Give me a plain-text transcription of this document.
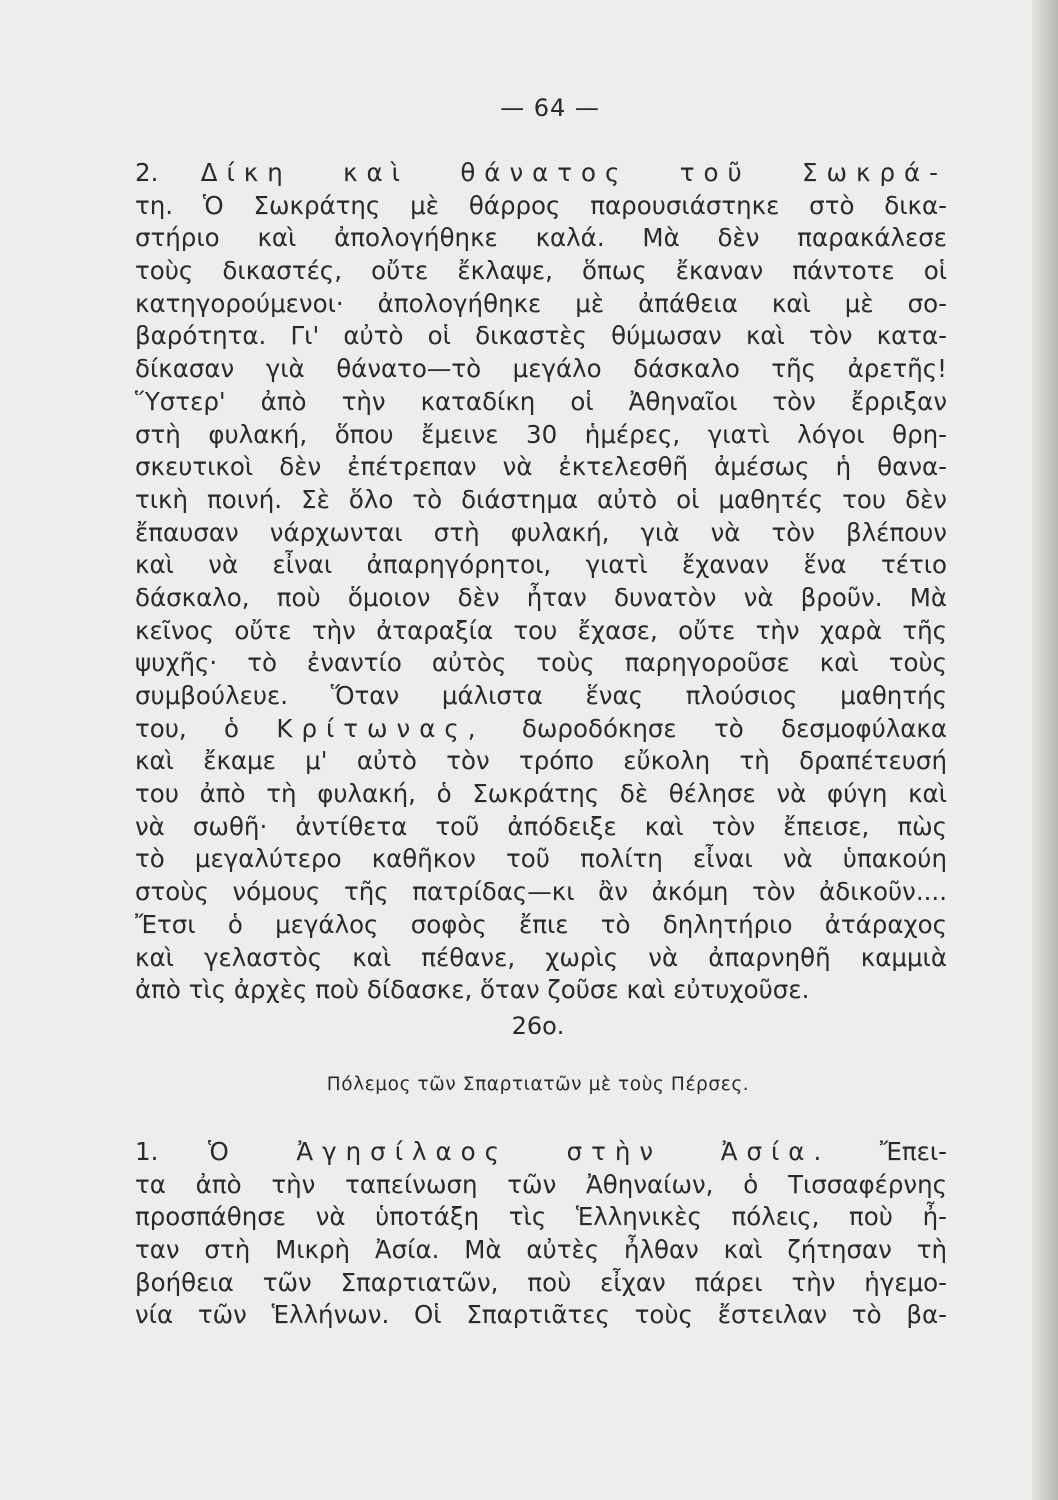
— 64 —
2. Δίκη καὶ θάνατος τοῦ Σωκρά-
τη. Ὁ Σωκράτης μὲ θάρρος παρουσιάστηκε στὸ δικα-
στήριο καὶ ἀπολογήθηκε καλά. Μὰ δὲν παρακάλεσε
τοὺς δικαστές, οὔτε ἔκλαψε, ὅπως ἔκαναν πάντοτε οἱ
κατηγορούμενοι· ἀπολογήθηκε μὲ ἀπάθεια καὶ μὲ σο-
βαρότητα. Γι' αὐτὸ οἱ δικαστὲς θύμωσαν καὶ τὸν κατα-
δίκασαν γιὰ θάνατο—τὸ μεγάλο δάσκαλο τῆς ἀρετῆς!
Ὕστερ' ἀπὸ τὴν καταδίκη οἱ Ἀθηναῖοι τὸν ἔρριξαν
στὴ φυλακή, ὅπου ἔμεινε 30 ἡμέρες, γιατὶ λόγοι θρη-
σκευτικοὶ δὲν ἐπέτρεπαν νὰ ἐκτελεσθῆ ἀμέσως ἡ θανα-
τικὴ ποινή. Σὲ ὅλο τὸ διάστημα αὐτὸ οἱ μαθητές του δὲν
ἔπαυσαν νάρχωνται στὴ φυλακή, γιὰ νὰ τὸν βλέπουν
καὶ νὰ εἶναι ἀπαρηγόρητοι, γιατὶ ἔχαναν ἕνα τέτιο
δάσκαλο, ποὺ ὅμοιον δὲν ἦταν δυνατὸν νὰ βροῦν. Μὰ
κεῖνος οὔτε τὴν ἀταραξία του ἔχασε, οὔτε τὴν χαρὰ τῆς
ψυχῆς· τὸ ἐναντίο αὐτὸς τοὺς παρηγοροῦσε καὶ τοὺς
συμβούλευε. Ὅταν μάλιστα ἕνας πλούσιος μαθητής
του, ὁ Κρίτωνας, δωροδόκησε τὸ δεσμοφύλακα
καὶ ἔκαμε μ' αὐτὸ τὸν τρόπο εὔκολη τὴ δραπέτευσή
του ἀπὸ τὴ φυλακή, ὁ Σωκράτης δὲ θέλησε νὰ φύγη καὶ
νὰ σωθῆ· ἀντίθετα τοῦ ἀπόδειξε καὶ τὸν ἔπεισε, πὼς
τὸ μεγαλύτερο καθῆκον τοῦ πολίτη εἶναι νὰ ὑπακούη
στοὺς νόμους τῆς πατρίδας—κι ἂν ἀκόμη τὸν ἀδικοῦν....
Ἔτσι ὁ μεγάλος σοφὸς ἔπιε τὸ δηλητήριο ἀτάραχος
καὶ γελαστὸς καὶ πέθανε, χωρὶς νὰ ἀπαρνηθῆ καμμιὰ
ἀπὸ τὶς ἀρχὲς ποὺ δίδασκε, ὅταν ζοῦσε καὶ εὐτυχοῦσε.
26ο.
Πόλεμος τῶν Σπαρτιατῶν μὲ τοὺς Πέρσες.
1. Ὁ Ἀγησίλαος στὴν Ἀσία. Ἔπει-
τα ἀπὸ τὴν ταπείνωση τῶν Ἀθηναίων, ὁ Τισσαφέρνης
προσπάθησε νὰ ὑποτάξη τὶς Ἑλληνικὲς πόλεις, ποὺ ἦ-
ταν στὴ Μικρὴ Ἀσία. Μὰ αὐτὲς ἦλθαν καὶ ζήτησαν τὴ
βοήθεια τῶν Σπαρτιατῶν, ποὺ εἶχαν πάρει τὴν ἡγεμο-
νία τῶν Ἑλλήνων. Οἱ Σπαρτιᾶτες τοὺς ἔστειλαν τὸ βα-
